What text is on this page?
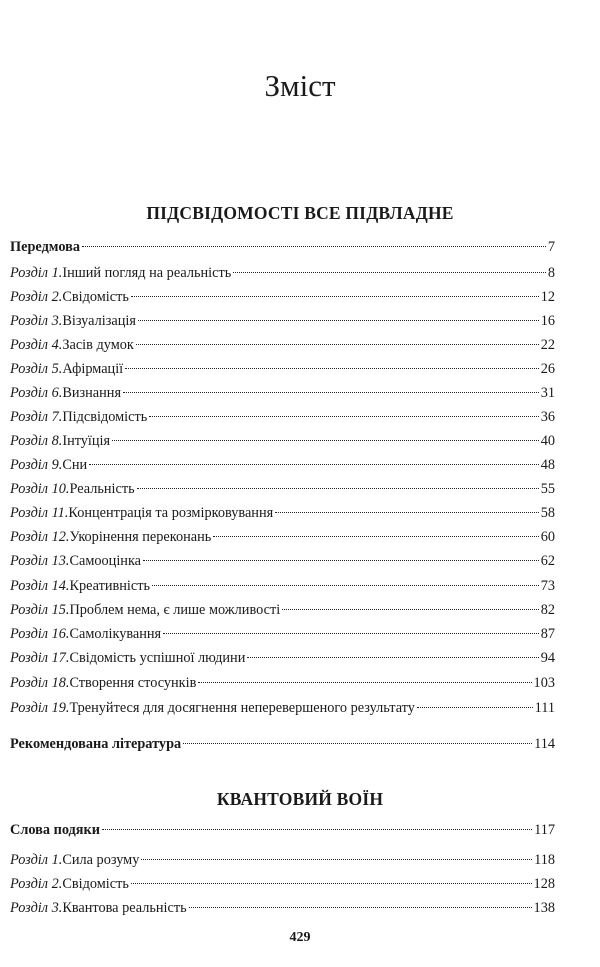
Зміст
ПІДСВІДОМОСТІ ВСЕ ПІДВЛАДНЕ
Передмова	7
Розділ 1. Інший погляд на реальність	8
Розділ 2. Свідомість	12
Розділ 3. Візуалізація	16
Розділ 4. Засів думок	22
Розділ 5. Афірмації	26
Розділ 6. Визнання	31
Розділ 7. Підсвідомість	36
Розділ 8. Інтуїція	40
Розділ 9. Сни	48
Розділ 10. Реальність	55
Розділ 11. Концентрація та розмірковування	58
Розділ 12. Укорінення переконань	60
Розділ 13. Самооцінка	62
Розділ 14. Креативність	73
Розділ 15. Проблем нема, є лише можливості	82
Розділ 16. Самолікування	87
Розділ 17. Свідомість успішної людини	94
Розділ 18. Створення стосунків	103
Розділ 19. Тренуйтеся для досягнення неперевершеного результату	111
Рекомендована література	114
КВАНТОВИЙ ВОЇН
Слова подяки	117
Розділ 1. Сила розуму	118
Розділ 2. Свідомість	128
Розділ 3. Квантова реальність	138
429
